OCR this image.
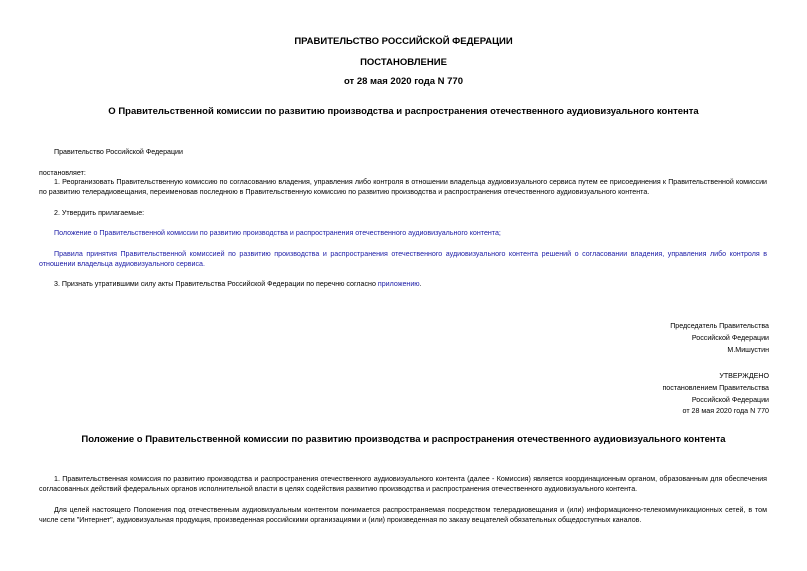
ПРАВИТЕЛЬСТВО РОССИЙСКОЙ ФЕДЕРАЦИИ
ПОСТАНОВЛЕНИЕ
от 28 мая 2020 года N 770
О Правительственной комиссии по развитию производства и распространения отечественного аудиовизуального контента
Правительство Российской Федерации
постановляет:
1. Реорганизовать Правительственную комиссию по согласованию владения, управления либо контроля в отношении владельца аудиовизуального сервиса путем ее присоединения к Правительственной комиссии по развитию телерадиовещания, переименовав последнюю в Правительственную комиссию по развитию производства и распространения отечественного аудиовизуального контента.
2. Утвердить прилагаемые:
Положение о Правительственной комиссии по развитию производства и распространения отечественного аудиовизуального контента;
Правила принятия Правительственной комиссией по развитию производства и распространения отечественного аудиовизуального контента решений о согласовании владения, управления либо контроля в отношении владельца аудиовизуального сервиса.
3. Признать утратившими силу акты Правительства Российской Федерации по перечню согласно приложению.
Председатель Правительства
Российской Федерации
М.Мишустин
УТВЕРЖДЕНО
постановлением Правительства
Российской Федерации
от 28 мая 2020 года N 770
Положение о Правительственной комиссии по развитию производства и распространения отечественного аудиовизуального контента
1. Правительственная комиссия по развитию производства и распространения отечественного аудиовизуального контента (далее - Комиссия) является координационным органом, образованным для обеспечения согласованных действий федеральных органов исполнительной власти в целях содействия развитию производства и распространения отечественного аудиовизуального контента.
Для целей настоящего Положения под отечественным аудиовизуальным контентом понимается распространяемая посредством телерадиовещания и (или) информационно-телекоммуникационных сетей, в том числе сети "Интернет", аудиовизуальная продукция, произведенная российскими организациями и (или) произведенная по заказу вещателей обязательных общедоступных каналов.
